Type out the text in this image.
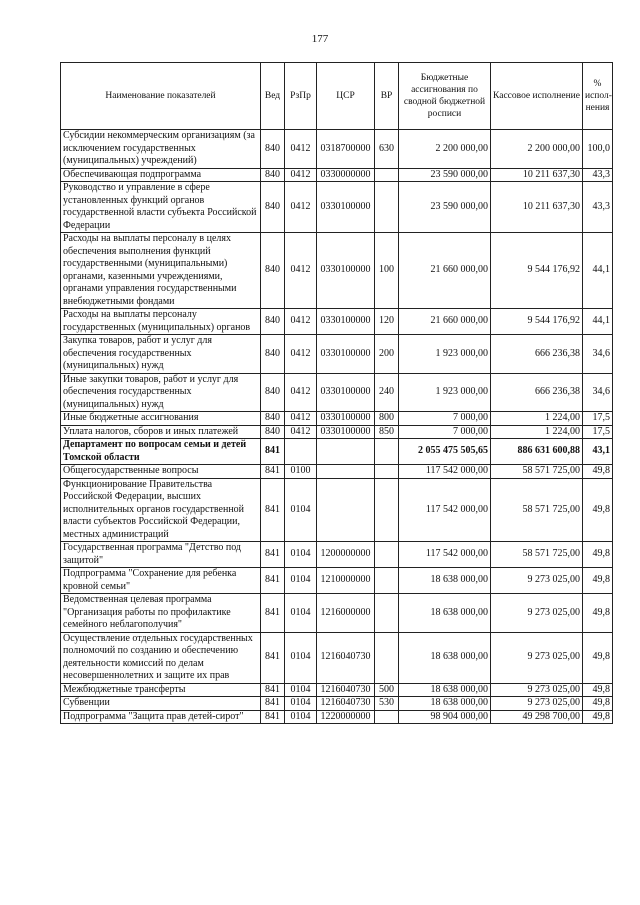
177
Наименование показателей	Вед	РзПр	ЦСР	ВР	Бюджетные ассигнования по сводной бюджетной росписи	Кассовое исполнение	% испол- нения
Субсидии некоммерческим организациям (за исключением государственных (муниципальных) учреждений)	840	0412	0318700000	630	2 200 000,00	2 200 000,00	100,0
Обеспечивающая подпрограмма	840	0412	0330000000		23 590 000,00	10 211 637,30	43,3
Руководство и управление в сфере установленных функций органов государственной власти субъекта Российской Федерации	840	0412	0330100000		23 590 000,00	10 211 637,30	43,3
Расходы на выплаты персоналу в целях обеспечения выполнения функций государственными (муниципальными) органами, казенными учреждениями, органами управления государственными внебюджетными фондами	840	0412	0330100000	100	21 660 000,00	9 544 176,92	44,1
Расходы на выплаты персоналу государственных (муниципальных) органов	840	0412	0330100000	120	21 660 000,00	9 544 176,92	44,1
Закупка товаров, работ и услуг для обеспечения государственных (муниципальных) нужд	840	0412	0330100000	200	1 923 000,00	666 236,38	34,6
Иные закупки товаров, работ и услуг для обеспечения государственных (муниципальных) нужд	840	0412	0330100000	240	1 923 000,00	666 236,38	34,6
Иные бюджетные ассигнования	840	0412	0330100000	800	7 000,00	1 224,00	17,5
Уплата налогов, сборов и иных платежей	840	0412	0330100000	850	7 000,00	1 224,00	17,5
Департамент по вопросам семьи и детей Томской области	841				2 055 475 505,65	886 631 600,88	43,1
Общегосударственные вопросы	841	0100			117 542 000,00	58 571 725,00	49,8
Функционирование Правительства Российской Федерации, высших исполнительных органов государственной власти субъектов Российской Федерации, местных администраций	841	0104			117 542 000,00	58 571 725,00	49,8
Государственная программа "Детство под защитой"	841	0104	1200000000		117 542 000,00	58 571 725,00	49,8
Подпрограмма "Сохранение для ребенка кровной семьи"	841	0104	1210000000		18 638 000,00	9 273 025,00	49,8
Ведомственная целевая программа "Организация работы по профилактике семейного неблагополучия"	841	0104	1216000000		18 638 000,00	9 273 025,00	49,8
Осуществление отдельных государственных полномочий по созданию и обеспечению деятельности комиссий по делам несовершеннолетних и защите их прав	841	0104	1216040730		18 638 000,00	9 273 025,00	49,8
Межбюджетные трансферты	841	0104	1216040730	500	18 638 000,00	9 273 025,00	49,8
Субвенции	841	0104	1216040730	530	18 638 000,00	9 273 025,00	49,8
Подпрограмма "Защита прав детей-сирот"	841	0104	1220000000		98 904 000,00	49 298 700,00	49,8
